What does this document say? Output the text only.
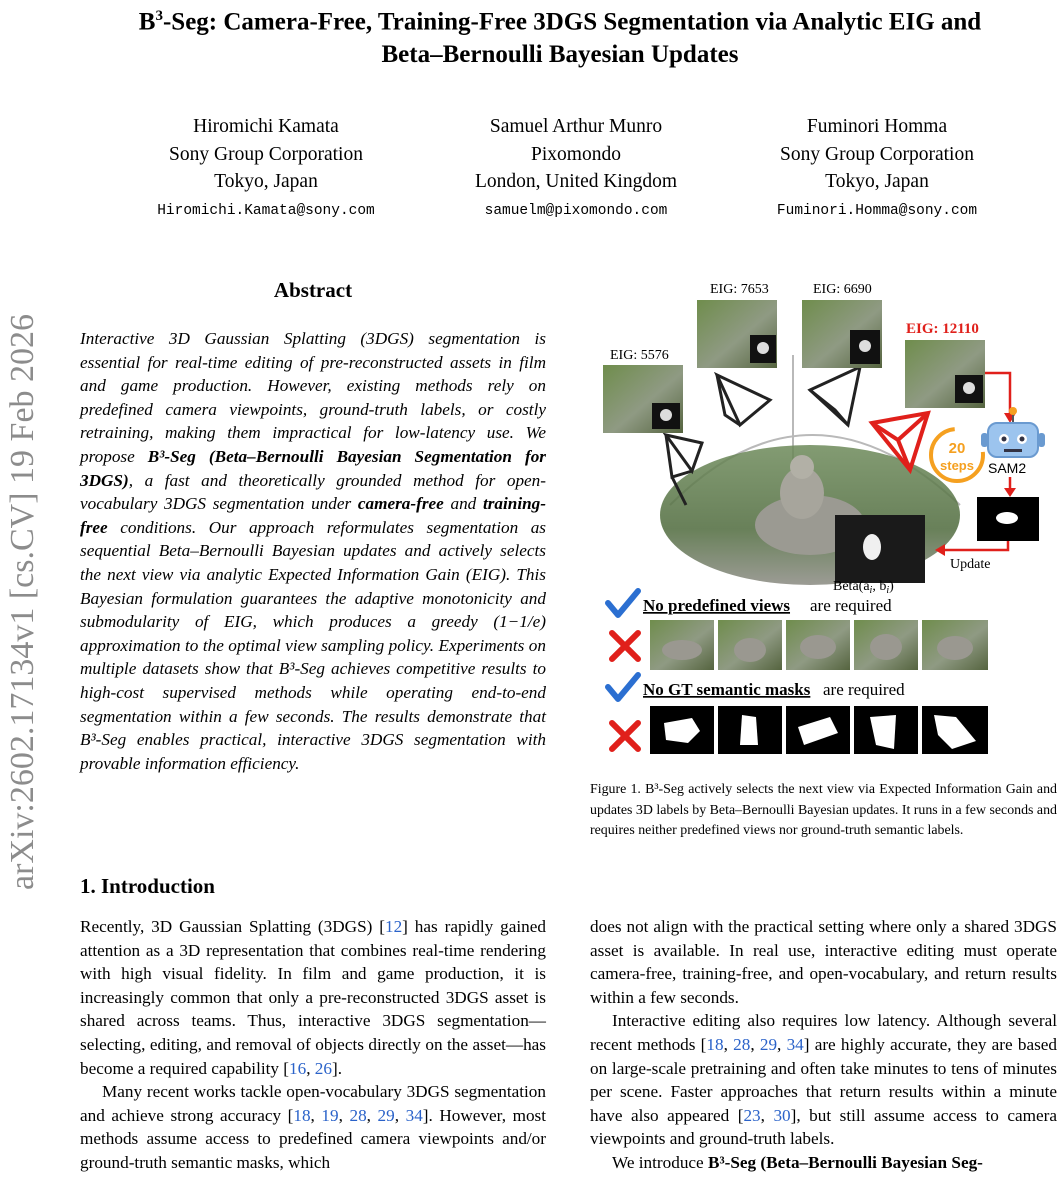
arXiv:2602.17134v1 [cs.CV] 19 Feb 2026
$B^3$-Seg: Camera-Free, Training-Free 3DGS Segmentation via Analytic EIG and
Beta–Bernoulli Bayesian Updates
Hiromichi Kamata
Sony Group Corporation
Tokyo, Japan
Hiromichi.Kamata@sony.com
Samuel Arthur Munro
Pixomondo
London, United Kingdom
samuelm@pixomondo.com
Fuminori Homma
Sony Group Corporation
Tokyo, Japan
Fuminori.Homma@sony.com
Abstract
Interactive 3D Gaussian Splatting (3DGS) segmentation is essential for real-time editing of pre-reconstructed assets in film and game production. However, existing methods rely on predefined camera viewpoints, ground-truth labels, or costly retraining, making them impractical for low-latency use. We propose B³-Seg (Beta–Bernoulli Bayesian Segmentation for 3DGS), a fast and theoretically grounded method for open-vocabulary 3DGS segmentation under camera-free and training-free conditions. Our approach reformulates segmentation as sequential Beta–Bernoulli Bayesian updates and actively selects the next view via analytic Expected Information Gain (EIG). This Bayesian formulation guarantees the adaptive monotonicity and submodularity of EIG, which produces a greedy (1−1/e) approximation to the optimal view sampling policy. Experiments on multiple datasets show that B³-Seg achieves competitive results to high-cost supervised methods while operating end-to-end segmentation within a few seconds. The results demonstrate that B³-Seg enables practical, interactive 3DGS segmentation with provable information efficiency.
1. Introduction

Recently, 3D Gaussian Splatting (3DGS) [12] has rapidly gained attention as a 3D representation that combines real-time rendering with high visual fidelity. In film and game production, it is increasingly common that only a pre-reconstructed 3DGS asset is shared across teams. Thus, interactive 3DGS segmentation—selecting, editing, and removal of objects directly on the asset—has become a required capability [16, 26].

Many recent works tackle open-vocabulary 3DGS segmentation and achieve strong accuracy [18, 19, 28, 29, 34]. However, most methods assume access to predefined camera viewpoints and/or ground-truth semantic masks, which

does not align with the practical setting where only a shared 3DGS asset is available. In real use, interactive editing must operate camera-free, training-free, and open-vocabulary, and return results within a few seconds.

Interactive editing also requires low latency. Although several recent methods [18, 28, 29, 34] are highly accurate, they are based on large-scale pretraining and often take minutes to tens of minutes per scene. Faster approaches that return results within a minute have also appeared [23, 30], but still assume access to camera viewpoints and ground-truth labels.

We introduce B³-Seg (Beta–Bernoulli Bayesian Seg-

EIG: 5576
EIG: 7653	EIG: 6690
EIG: 12110
20
steps SAM2
Update
$Beta(a_i$, $b_i$)
No predefined views are required
No GT semantic masks are required
Figure 1. B³-Seg actively selects the next view via Expected Information Gain and updates 3D labels by Beta–Bernoulli Bayesian updates. It runs in a few seconds and requires neither predefined views nor ground-truth semantic labels.
